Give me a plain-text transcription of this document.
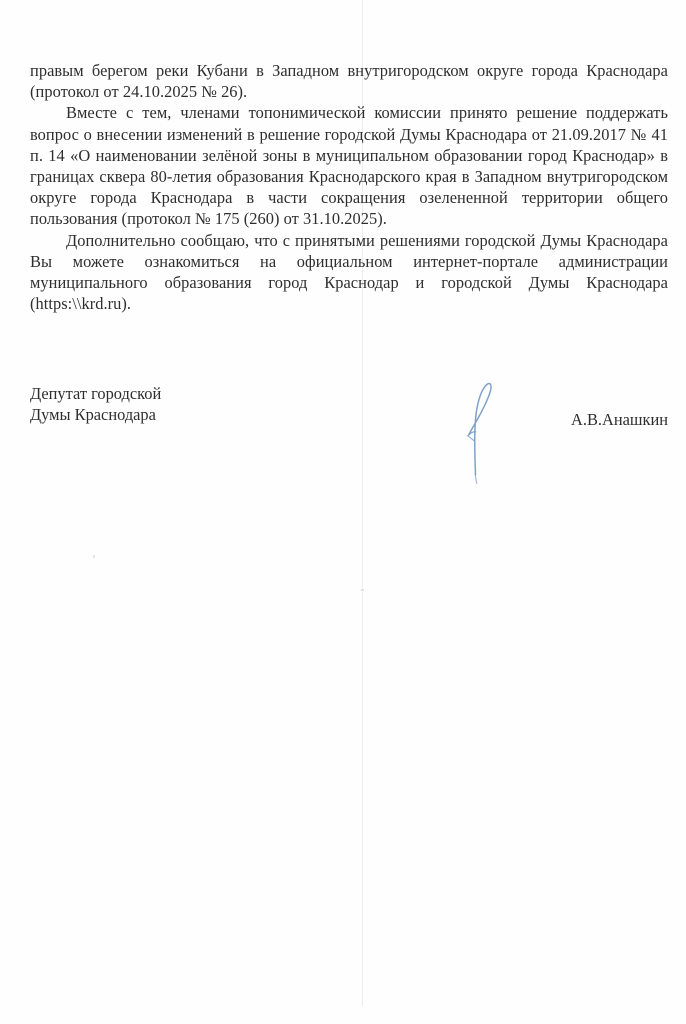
правым берегом реки Кубани в Западном внутригородском округе города Краснодара (протокол от 24.10.2025 № 26).

Вместе с тем, членами топонимической комиссии принято решение поддержать вопрос о внесении изменений в решение городской Думы Краснодара от 21.09.2017 № 41 п. 14 «О наименовании зелёной зоны в муниципальном образовании город Краснодар» в границах сквера 80-летия образования Краснодарского края в Западном внутригородском округе города Краснодара в части сокращения озелененной территории общего пользования (протокол № 175 (260) от 31.10.2025).

Дополнительно сообщаю, что с принятыми решениями городской Думы Краснодара Вы можете ознакомиться на официальном интернет-портале администрации муниципального образования город Краснодар и городской Думы Краснодара (https:\\krd.ru).

Депутат городской
Думы Краснодара	А.В.Анашкин
